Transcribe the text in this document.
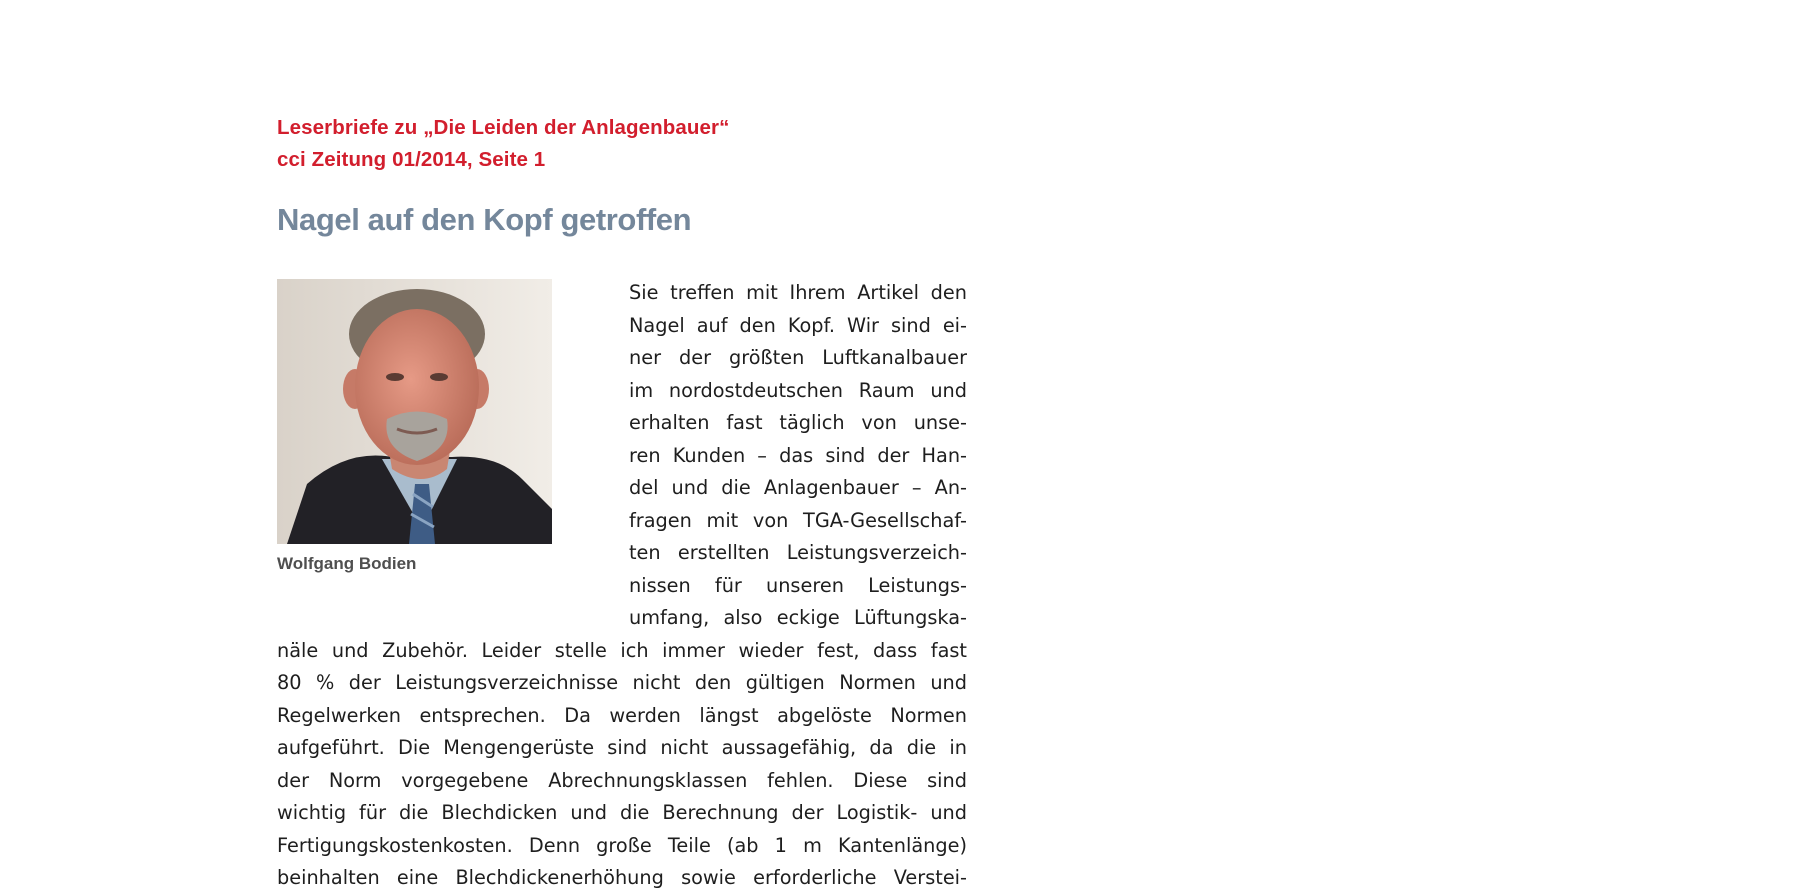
Leserbriefe zu „Die Leiden der Anlagenbauer“
cci Zeitung 01/2014, Seite 1

Nagel auf den Kopf getroffen

Wolfgang Bodien

Sie treffen mit Ihrem Artikel den
Nagel auf den Kopf. Wir sind ei-
ner der größten Luftkanalbauer
im nordostdeutschen Raum und
erhalten fast täglich von unse-
ren Kunden – das sind der Han-
del und die Anlagenbauer – An-
fragen mit von TGA-Gesellschaf-
ten erstellten Leistungsverzeich-
nissen für unseren Leistungs-
umfang, also eckige Lüftungska-
näle und Zubehör. Leider stelle ich immer wieder fest, dass fast
80 % der Leistungsverzeichnisse nicht den gültigen Normen und
Regelwerken entsprechen. Da werden längst abgelöste Normen
aufgeführt. Die Mengengerüste sind nicht aussagefähig, da die in
der Norm vorgegebene Abrechnungsklassen fehlen. Diese sind
wichtig für die Blechdicken und die Berechnung der Logistik- und
Fertigungskostenkosten. Denn große Teile (ab 1 m Kantenlänge)
beinhalten eine Blechdickenerhöhung sowie erforderliche Verstei-
